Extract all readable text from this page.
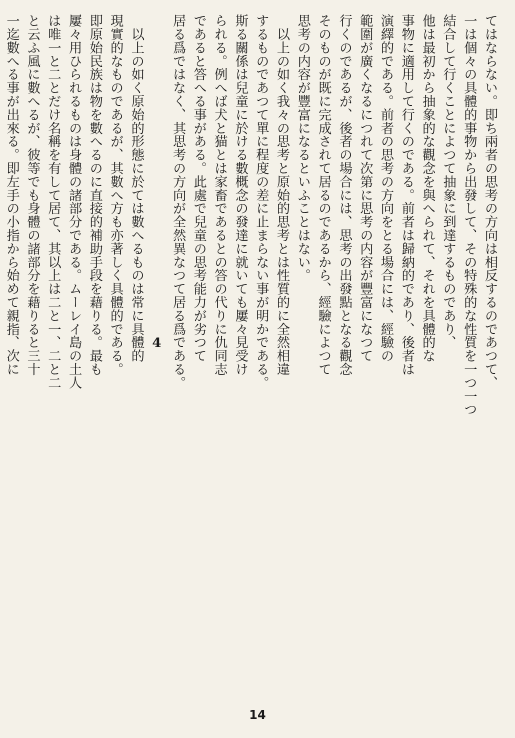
てはならない。即ち兩者の思考の方向は相反するのであつて、
一は個々の具體的事物から出發して、その特殊的な性質を一つ一つ
結合して行くことによつて抽象に到達するものであり、
他は最初から抽象的な觀念を與へられて、それを具體的な
事物に適用して行くのである。前者は歸納的であり、後者は
演繹的である。前者の思考の方向をとる場合には、經驗の
範圍が廣くなるにつれて次第に思考の内容が豐富になつて
行くのであるが、後者の場合には、思考の出發點となる觀念
そのものが既に完成されて居るのであるから、經驗によつて
思考の内容が豐富になるといふことはない。
　以上の如く我々の思考と原始的思考とは性質的に全然相違
するものであつて單に程度の差に止まらない事が明かである。
斯る關係は兒童に於ける數概念の發達に就いても屢々見受け
られる。例へば犬と猫とは家畜であるとの答の代りに仇同志
であると答へる事がある。此處で兒童の思考能力が劣つて
居る爲ではなく、其思考の方向が全然異なつて居る爲である。
4
　以上の如く原始的形態に於ては數へるものは常に具體的
現實的なものであるが、其數へ方も亦著しく具體的である。
即原始民族は物を數へるのに直接的補助手段を藉りる。最も
屢々用ひられるものは身體の諸部分である。ムーレイ島の土人
は唯一と二とだけ名稱を有して居て、其以上は二と一、二と二
と云ふ風に數へるが、彼等でも身體の諸部分を藉りると三十
一迄數へる事が出來る。即左手の小指から始めて親指、次に
14
